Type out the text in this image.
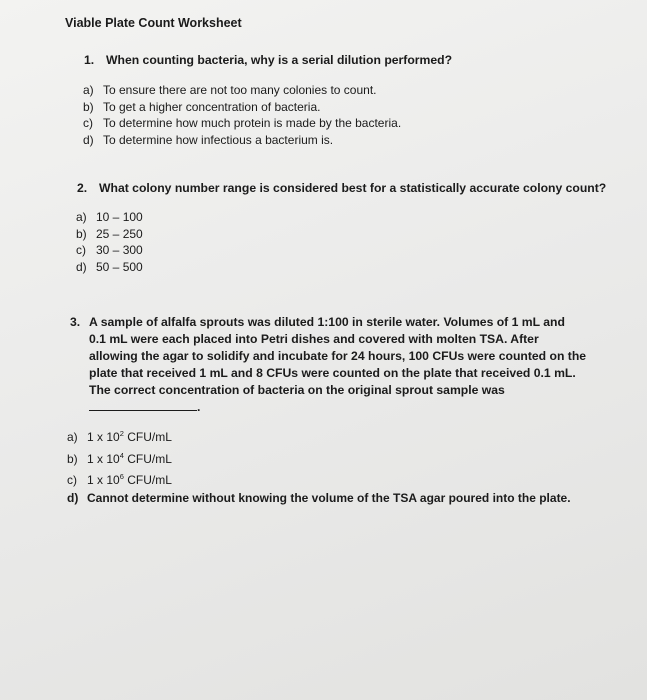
Viable Plate Count Worksheet
1. When counting bacteria, why is a serial dilution performed?
a) To ensure there are not too many colonies to count.
b) To get a higher concentration of bacteria.
c) To determine how much protein is made by the bacteria.
d) To determine how infectious a bacterium is.
2. What colony number range is considered best for a statistically accurate colony count?
a) 10 – 100
b) 25 – 250
c) 30 – 300
d) 50 – 500
3. A sample of alfalfa sprouts was diluted 1:100 in sterile water. Volumes of 1 mL and
0.1 mL were each placed into Petri dishes and covered with molten TSA. After
allowing the agar to solidify and incubate for 24 hours, 100 CFUs were counted on the
plate that received 1 mL and 8 CFUs were counted on the plate that received 0.1 mL.
The correct concentration of bacteria on the original sprout sample was
.
a) 1 x $10^2$ CFU/mL
b) 1 x $10^4$ CFU/mL
c) 1 x $10^6$ CFU/mL
d) Cannot determine without knowing the volume of the TSA agar poured into the plate.
